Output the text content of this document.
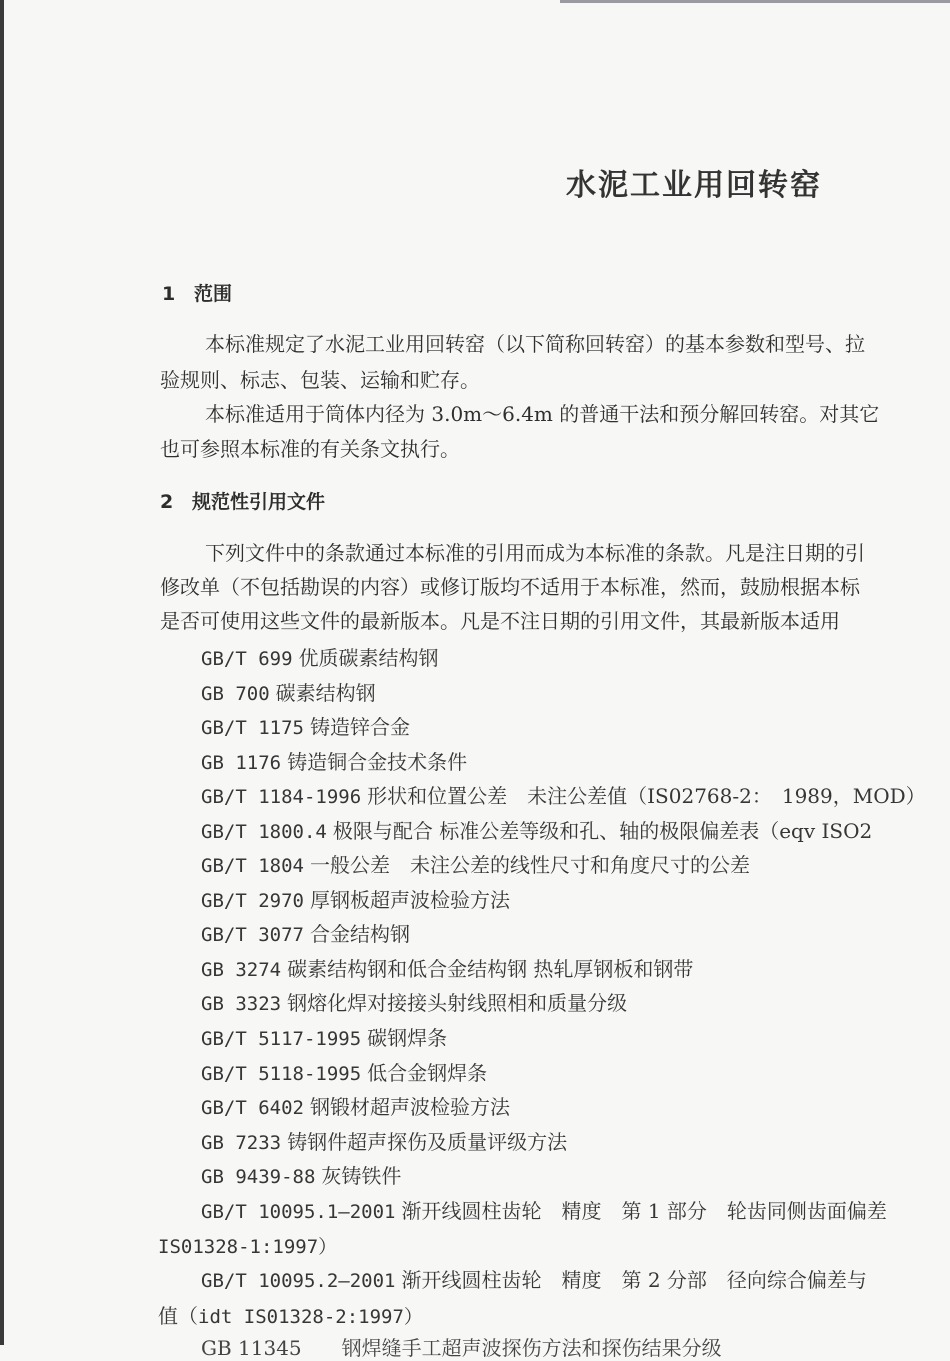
水泥工业用回转窑
1 范围
本标准规定了水泥工业用回转窑（以下简称回转窑）的基本参数和型号、拉
验规则、标志、包装、运输和贮存。
本标准适用于筒体内径为 3.0m～6.4m 的普通干法和预分解回转窑。对其它
也可参照本标准的有关条文执行。
2 规范性引用文件
下列文件中的条款通过本标准的引用而成为本标准的条款。凡是注日期的引
修改单（不包括勘误的内容）或修订版均不适用于本标准，然而，鼓励根据本标
是否可使用这些文件的最新版本。凡是不注日期的引用文件，其最新版本适用
GB/T 699 优质碳素结构钢
GB 700 碳素结构钢
GB/T 1175 铸造锌合金
GB 1176 铸造铜合金技术条件
GB/T 1184-1996 形状和位置公差　未注公差值（IS02768-2：　1989，MOD）
GB/T 1800.4 极限与配合 标准公差等级和孔、轴的极限偏差表（eqv ISO2
GB/T 1804 一般公差　未注公差的线性尺寸和角度尺寸的公差
GB/T 2970 厚钢板超声波检验方法
GB/T 3077 合金结构钢
GB 3274 碳素结构钢和低合金结构钢 热轧厚钢板和钢带
GB 3323 钢熔化焊对接接头射线照相和质量分级
GB/T 5117-1995 碳钢焊条
GB/T 5118-1995 低合金钢焊条
GB/T 6402 钢锻材超声波检验方法
GB 7233 铸钢件超声探伤及质量评级方法
GB 9439-88 灰铸铁件
GB/T 10095.1—2001 渐开线圆柱齿轮　精度　第 1 部分　轮齿同侧齿面偏差
IS01328-1:1997）
GB/T 10095.2—2001 渐开线圆柱齿轮　精度　第 2 分部　径向综合偏差与
值（idt IS01328-2:1997）
GB 11345　　钢焊缝手工超声波探伤方法和探伤结果分级
